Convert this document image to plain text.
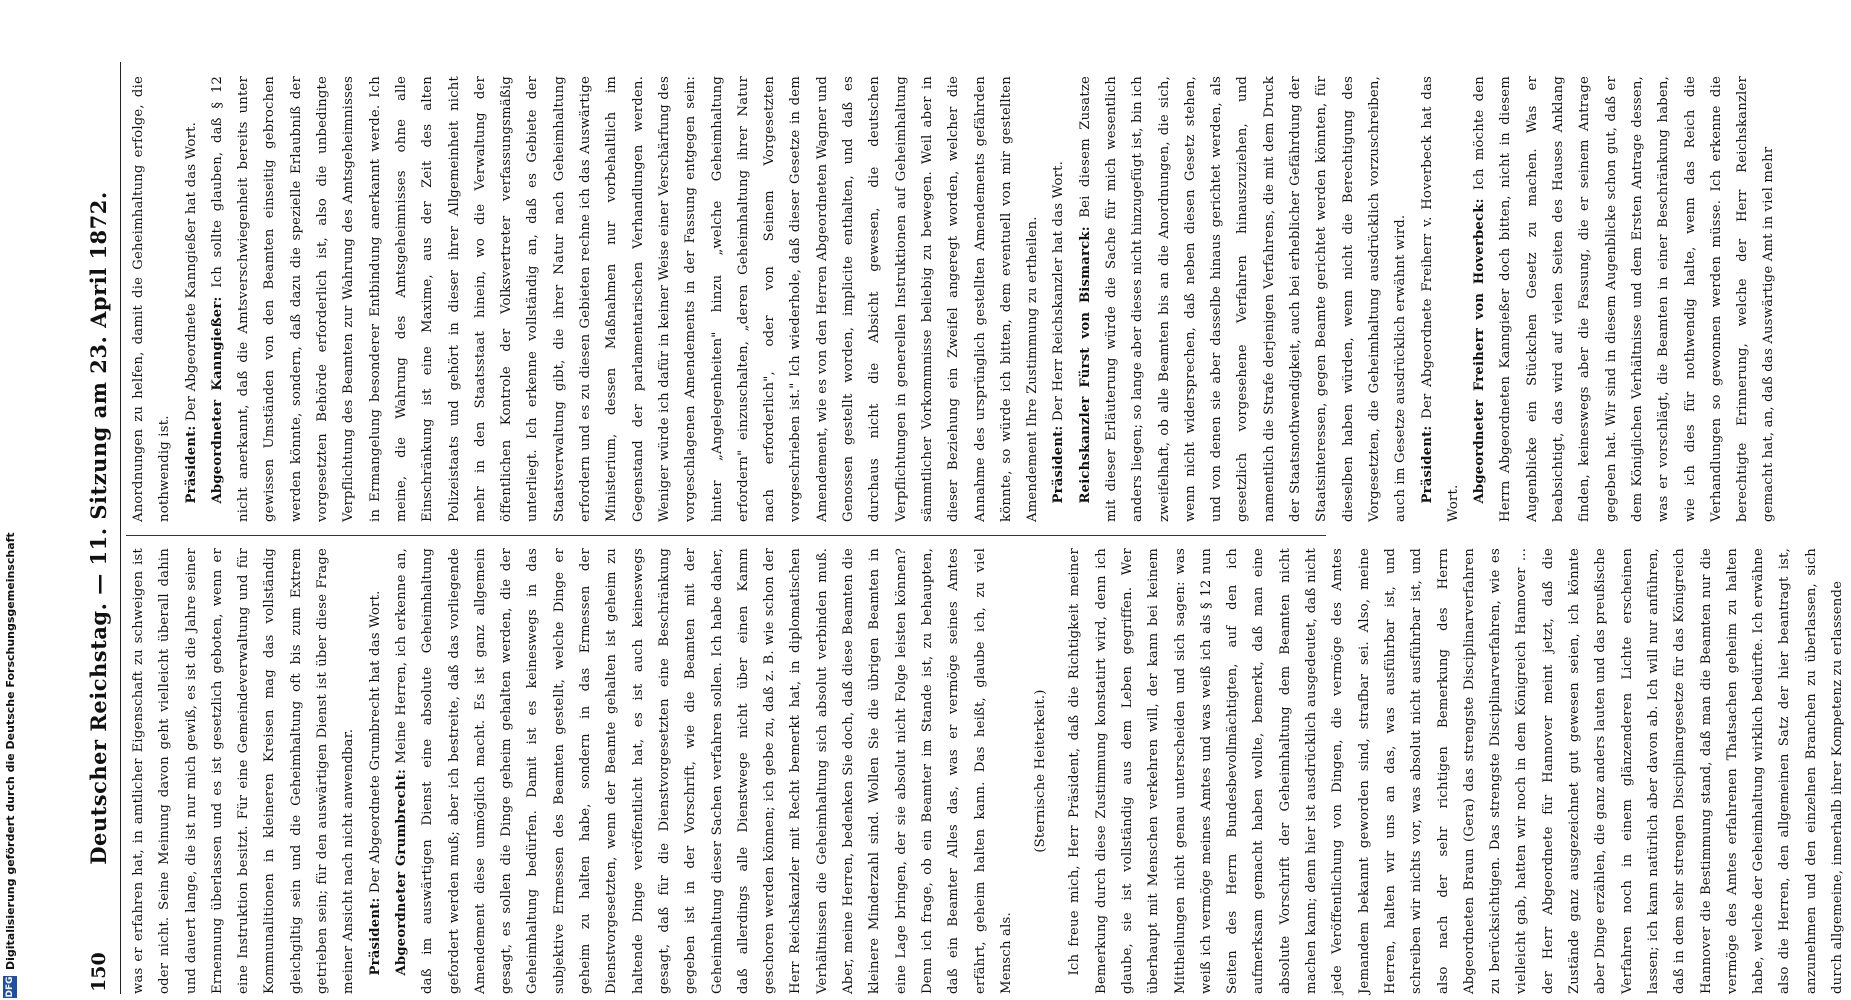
150
Deutscher Reichstag. — 11. Sitzung am 23. April 1872.	was er erfahren hat, in amtlicher Eigenschaft zu schweigen ist oder nicht. Seine Meinung davon geht vielleicht überall dahin und dauert lange, die ist nur mich gewiß, es ist die Jahre seiner Ernennung überlassen und es ist gesetzlich geboten, wenn er eine Instruktion besitzt. Für eine Gemeindeverwaltung und für Kommunalitionen in kleineren Kreisen mag das vollständig gleichgiltig sein und die Geheimhaltung oft bis zum Extrem getrieben sein; für den auswärtigen Dienst ist über diese Frage meiner Ansicht nach nicht anwendbar. Präsident: Der Abgeordnete Grumbrecht hat das Wort. Abgeordneter Grumbrecht: Meine Herren, ich erkenne an, daß im auswärtigen Dienst eine absolute Geheimhaltung gefordert werden muß; aber ich bestreite, daß das vorliegende Amendement diese unmöglich macht. Es ist ganz allgemein gesagt, es sollen die Dinge geheim gehalten werden, die der Geheimhaltung bedürfen. Damit ist es keineswegs in das subjektive Ermessen des Beamten gestellt, welche Dinge er geheim zu halten habe, sondern in das Ermessen der Dienstvorgesetzten, wenn der Beamte gehalten ist geheim zu haltende Dinge veröffentlicht hat, es ist auch keineswegs gesagt, daß für die Dienstvorgesetzten eine Beschränkung gegeben ist in der Vorschrift, wie die Beamten mit der Geheimhaltung dieser Sachen verfahren sollen. Ich habe daher, daß allerdings alle Dienstwege nicht über einen Kamm geschoren werden können; ich gebe zu, daß z. B. wie schon der Herr Reichskanzler mit Recht bemerkt hat, in diplomatischen Verhältnissen die Geheimhaltung sich absolut verbinden muß. Aber, meine Herren, bedenken Sie doch, daß diese Beamten die kleinere Minderzahl sind. Wollen Sie die übrigen Beamten in eine Lage bringen, der sie absolut nicht Folge leisten können? Denn ich frage, ob ein Beamter im Stande ist, zu behaupten, daß ein Beamter Alles das, was er vermöge seines Amtes erfährt, geheim halten kann. Das heißt, glaube ich, zu viel Mensch als.

(Sternische Heiterkeit.)	Ich freue mich, Herr Präsident, daß die Richtigkeit meiner Bemerkung durch diese Zustimmung konstatirt wird, denn ich glaube, sie ist vollständig aus dem Leben gegriffen. Wer überhaupt mit Menschen verkehren will, der kann bei keinem Mittheilungen nicht genau unterscheiden und sich sagen: was weiß ich vermöge meines Amtes und was weiß ich als § 12 nun Seiten des Herrn Bundesbevollmächtigten, auf den ich aufmerksam gemacht haben wollte, bemerkt, daß man eine absolute Vorschrift der Geheimhaltung dem Beamten nicht machen kann; denn hier ist ausdrücklich ausgedeutet, daß nicht jede Veröffentlichung von Dingen, die vermöge des Amtes Jemandem bekannt geworden sind, strafbar sei. Also, meine Herren, halten wir uns an das, was ausführbar ist, und schreiben wir nichts vor, was absolut nicht ausführbar ist, und also nach der sehr richtigen Bemerkung des Herrn Abgeordneten Braun (Gera) das strengste Disciplinarverfahren zu berücksichtigen. Das strengste Disciplinarverfahren, wie es vielleicht gab, hatten wir noch in dem Königreich Hannover ... der Herr Abgeordnete für Hannover meint jetzt, daß die Zustände ganz ausgezeichnet gut gewesen seien, ich könnte aber Dinge erzählen, die ganz anders lauten und das preußische Verfahren noch in einem glänzenderen Lichte erscheinen lassen; ich kann natürlich aber davon ab. Ich will nur anführen, daß in dem sehr strengen Disciplinargesetze für das Königreich Hannover die Bestimmung stand, daß man die Beamten nur die vermöge des Amtes erfahrenen Thatsachen geheim zu halten habe, welche der Geheimhaltung wirklich bedürfte. Ich erwähne also die Herren, den allgemeinen Satz der hier beantragt ist, anzunehmen und den einzelnen Branchen zu überlassen, sich durch allgemeine, innerhalb ihrer Kompetenz zu erlassende

Anordnungen zu helfen, damit die Geheimhaltung erfolge, die nothwendig ist. Präsident: Der Abgeordnete Kanngießer hat das Wort. Abgeordneter Kanngießer: Ich sollte glauben, daß § 12 nicht anerkannt, daß die Amtsverschwiegenheit bereits unter gewissen Umständen von den Beamten einseitig gebrochen werden könnte, sondern, daß dazu die spezielle Erlaubniß der vorgesetzten Behörde erforderlich ist, also die unbedingte Verpflichtung des Beamten zur Wahrung des Amtsgeheimnisses in Ermangelung besonderer Entbindung anerkannt werde. Ich meine, die Wahrung des Amtsgeheimnisses ohne alle Einschränkung ist eine Maxime, aus der Zeit des alten Polizeistaats und gehört in dieser ihrer Allgemeinheit nicht mehr in den Staatsstaat hinein, wo die Verwaltung der öffentlichen Kontrole der Volksvertreter verfassungsmäßig unterliegt. Ich erkenne vollständig an, daß es Gebiete der Staatsverwaltung gibt, die ihrer Natur nach Geheimhaltung erfordern und es zu diesen Gebieten rechne ich das Auswärtige Ministerium, dessen Maßnahmen nur vorbehaltlich im Gegenstand der parlamentarischen Verhandlungen werden. Weniger würde ich dafür in keiner Weise einer Verschärfung des vorgeschlagenen Amendements in der Fassung entgegen sein: hinter „Angelegenheiten" hinzu „welche Geheimhaltung erfordern" einzuschalten, „deren Geheimhaltung ihrer Natur nach erforderlich", oder von Seinem Vorgesetzten vorgeschrieben ist." Ich wiederhole, daß dieser Gesetze in dem Amendement, wie es von den Herren Abgeordneten Wagner und Genossen gestellt worden, implicite enthalten, und daß es durchaus nicht die Absicht gewesen, die deutschen Verpflichtungen in generellen Instruktionen auf Geheimhaltung sämmtlicher Vorkommnisse beliebig zu bewegen. Weil aber in dieser Beziehung ein Zweifel angeregt worden, welcher die Annahme des ursprünglich gestellten Amendements gefährden könnte, so würde ich bitten, dem eventuell von mir gestellten Amendement Ihre Zustimmung zu ertheilen. Präsident: Der Herr Reichskanzler hat das Wort. Reichskanzler Fürst von Bismarck: Bei diesem Zusatze mit dieser Erläuterung würde die Sache für mich wesentlich anders liegen; so lange aber dieses nicht hinzugefügt ist, bin ich zweifelhaft, ob alle Beamten bis an die Anordnungen, die sich, wenn nicht widersprechen, daß neben diesen Gesetz stehen, und von denen sie aber dasselbe hinaus gerichtet werden, als gesetzlich vorgesehene Verfahren hinauszuziehen, und namentlich die Strafe derjenigen Verfahrens, die mit dem Druck der Staatsnothwendigkeit, auch bei erheblicher Gefährdung der Staatsinteressen, gegen Beamte gerichtet werden könnten, für dieselben haben würden, wenn nicht die Berechtigung des Vorgesetzten, die Geheimhaltung ausdrücklich vorzuschreiben, auch im Gesetze ausdrücklich erwähnt wird. Präsident: Der Abgeordnete Freiherr v. Hoverbeck hat das Wort. Abgeordneter Freiherr von Hoverbeck: Ich möchte den Herrn Abgeordneten Kanngießer doch bitten, nicht in diesem Augenblicke ein Stückchen Gesetz zu machen. Was er beabsichtigt, das wird auf vielen Seiten des Hauses Anklang finden, keineswegs aber die Fassung, die er seinem Antrage gegeben hat. Wir sind in diesem Augenblicke schon gut, daß er dem Königlichen Verhältnisse und dem Ersten Antrage dessen, was er vorschlägt, die Beamten in einer Beschränkung haben, wie ich dies für nothwendig halte, wenn das Reich die Verhandlungen so gewonnen werden müsse. Ich erkenne die berechtigte Erinnerung, welche der Herr Reichskanzler gemacht hat, an, daß das Auswärtige Amt in viel mehr

DFG
Digitalisierung gefördert durch die Deutsche Forschungsgemeinschaft
